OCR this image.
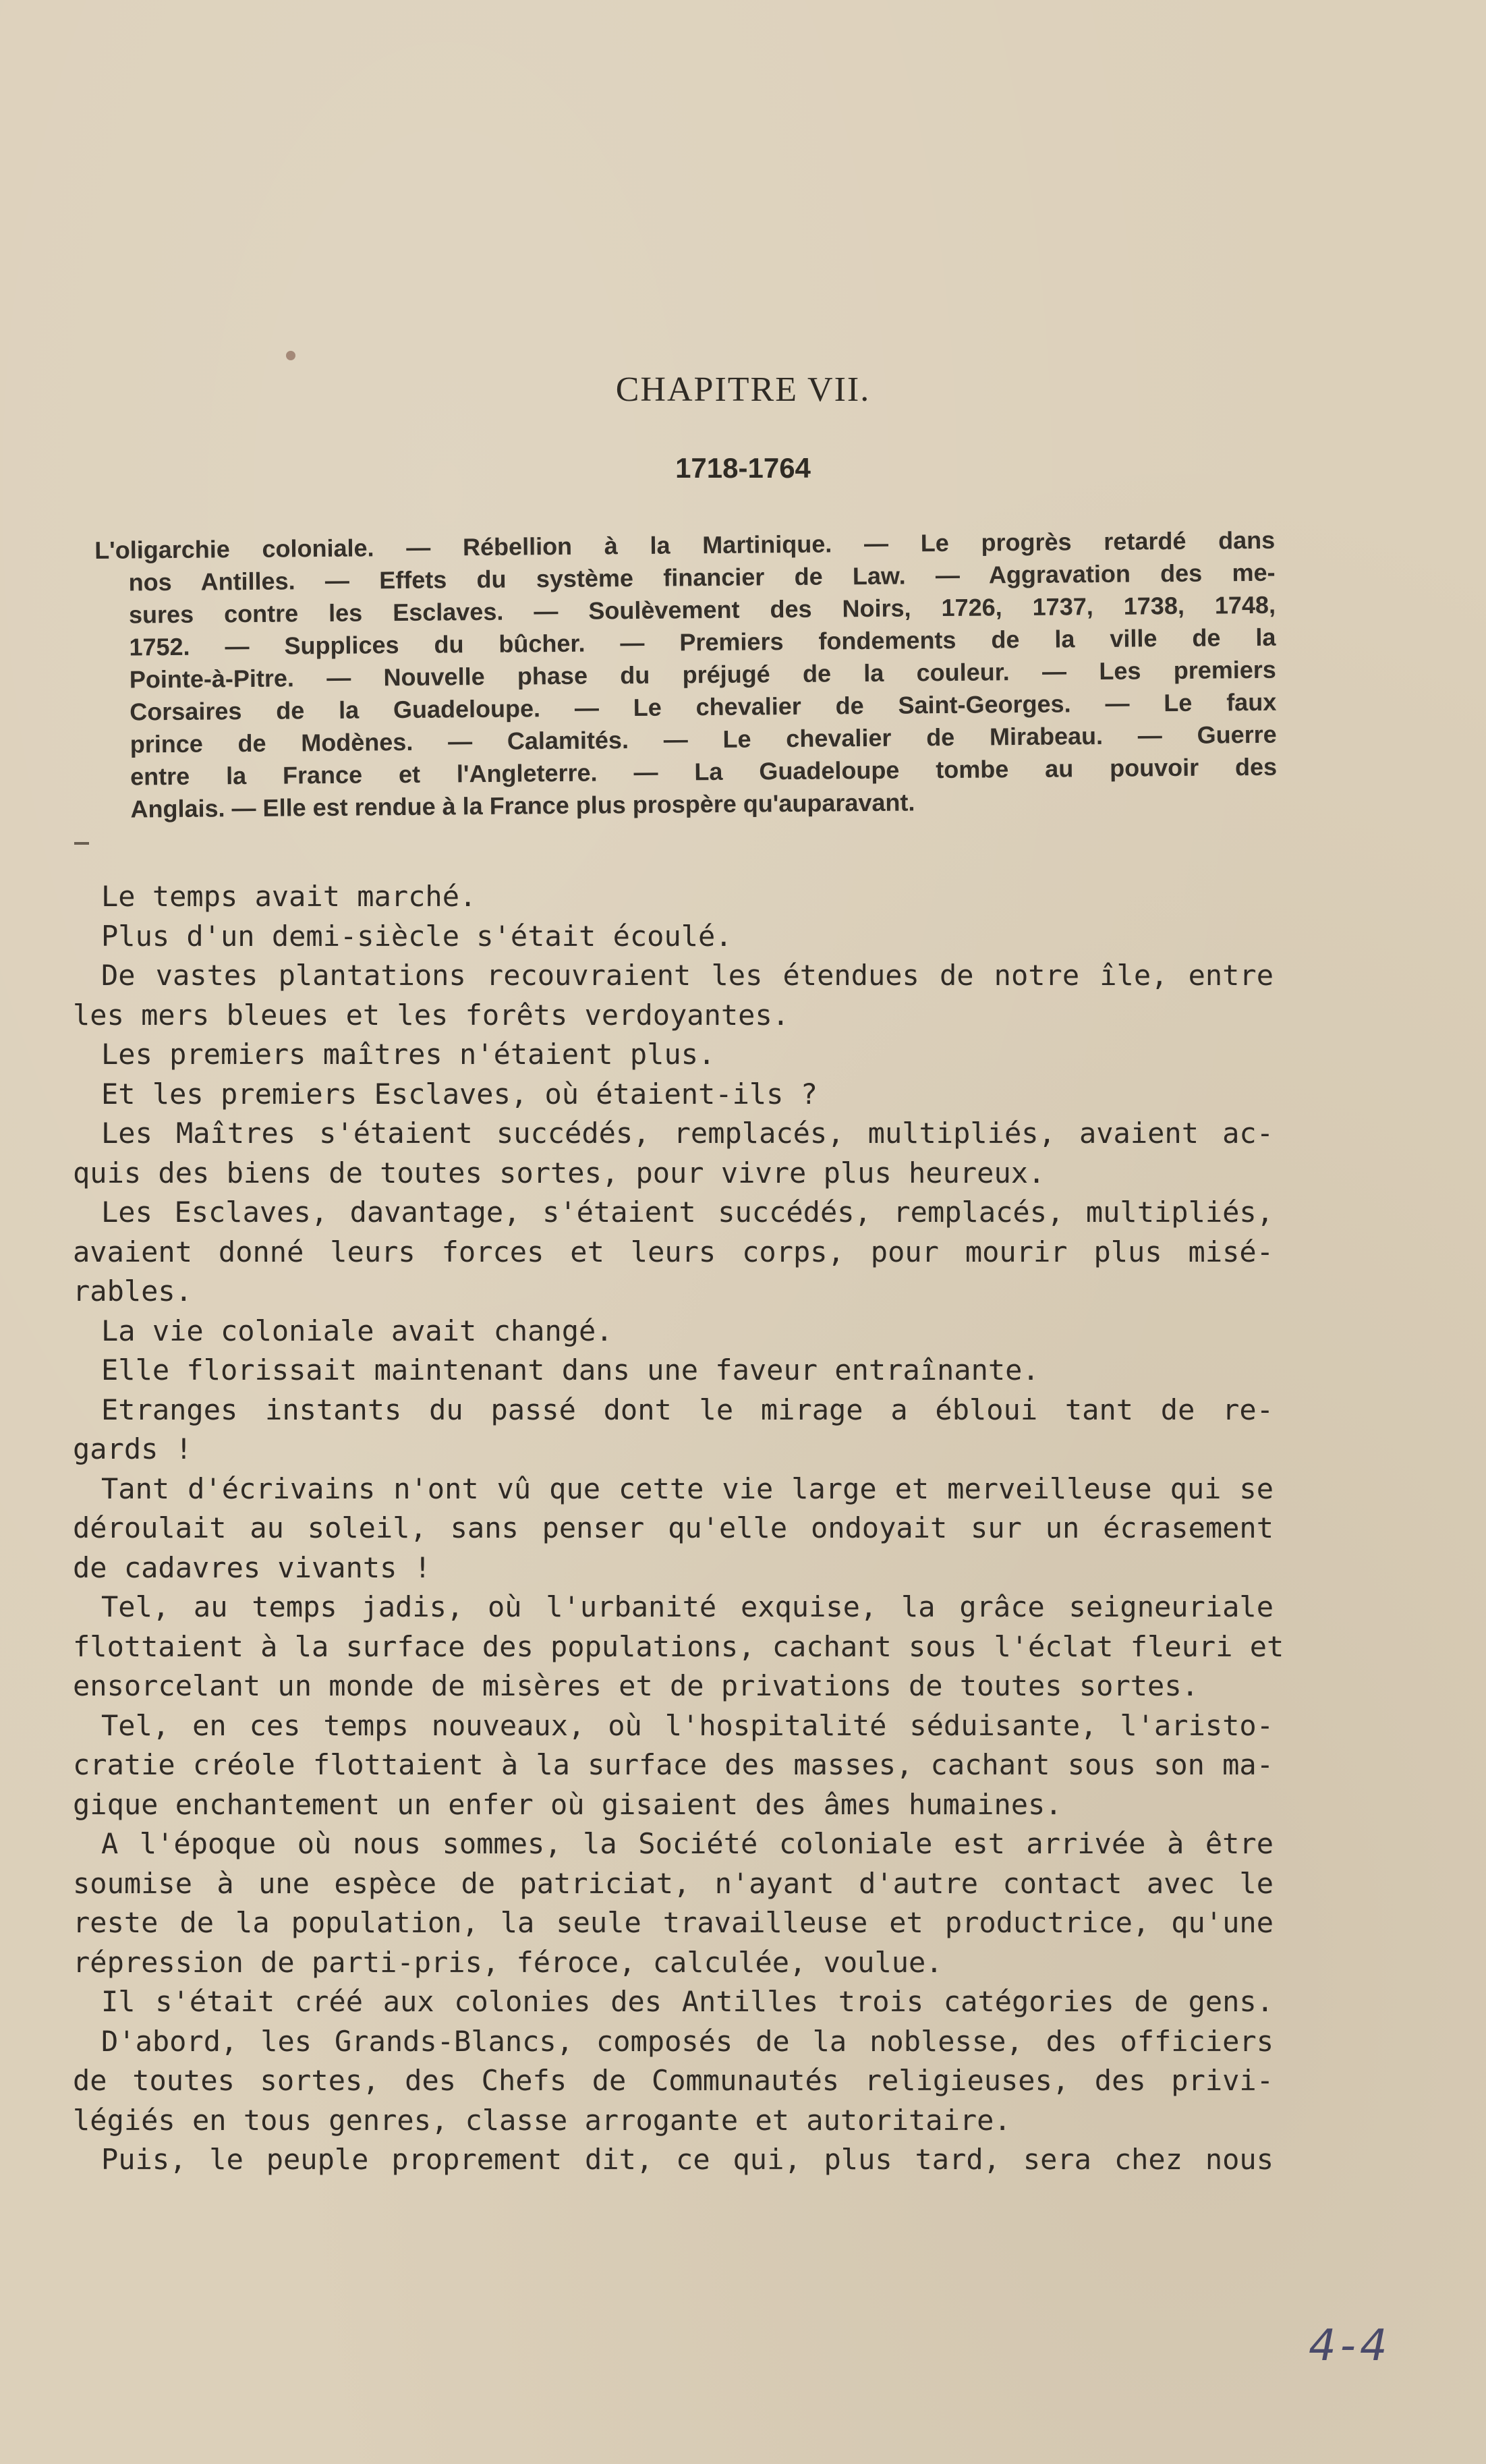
CHAPITRE VII.
1718-1764
L'oligarchie coloniale. — Rébellion à la Martinique. — Le progrès retardé dans
nos Antilles. — Effets du système financier de Law. — Aggravation des me-
sures contre les Esclaves. — Soulèvement des Noirs, 1726, 1737, 1738, 1748,
1752. — Supplices du bûcher. — Premiers fondements de la ville de la
Pointe-à-Pitre. — Nouvelle phase du préjugé de la couleur. — Les premiers
Corsaires de la Guadeloupe. — Le chevalier de Saint-Georges. — Le faux
prince de Modènes. — Calamités. — Le chevalier de Mirabeau. — Guerre
entre la France et l'Angleterre. — La Guadeloupe tombe au pouvoir des
Anglais. — Elle est rendue à la France plus prospère qu'auparavant.
Le temps avait marché.
Plus d'un demi-siècle s'était écoulé.
De vastes plantations recouvraient les étendues de notre île, entre
les mers bleues et les forêts verdoyantes.
Les premiers maîtres n'étaient plus.
Et les premiers Esclaves, où étaient-ils ?
Les Maîtres s'étaient succédés, remplacés, multipliés, avaient ac-
quis des biens de toutes sortes, pour vivre plus heureux.
Les Esclaves, davantage, s'étaient succédés, remplacés, multipliés,
avaient donné leurs forces et leurs corps, pour mourir plus misé-
rables.
La vie coloniale avait changé.
Elle florissait maintenant dans une faveur entraînante.
Etranges instants du passé dont le mirage a ébloui tant de re-
gards !
Tant d'écrivains n'ont vû que cette vie large et merveilleuse qui se
déroulait au soleil, sans penser qu'elle ondoyait sur un écrasement
de cadavres vivants !
Tel, au temps jadis, où l'urbanité exquise, la grâce seigneuriale
flottaient à la surface des populations, cachant sous l'éclat fleuri et
ensorcelant un monde de misères et de privations de toutes sortes.
Tel, en ces temps nouveaux, où l'hospitalité séduisante, l'aristo-
cratie créole flottaient à la surface des masses, cachant sous son ma-
gique enchantement un enfer où gisaient des âmes humaines.
A l'époque où nous sommes, la Société coloniale est arrivée à être
soumise à une espèce de patriciat, n'ayant d'autre contact avec le
reste de la population, la seule travailleuse et productrice, qu'une
répression de parti-pris, féroce, calculée, voulue.
Il s'était créé aux colonies des Antilles trois catégories de gens.
D'abord, les Grands-Blancs, composés de la noblesse, des officiers
de toutes sortes, des Chefs de Communautés religieuses, des privi-
légiés en tous genres, classe arrogante et autoritaire.
Puis, le peuple proprement dit, ce qui, plus tard, sera chez nous
4-4
